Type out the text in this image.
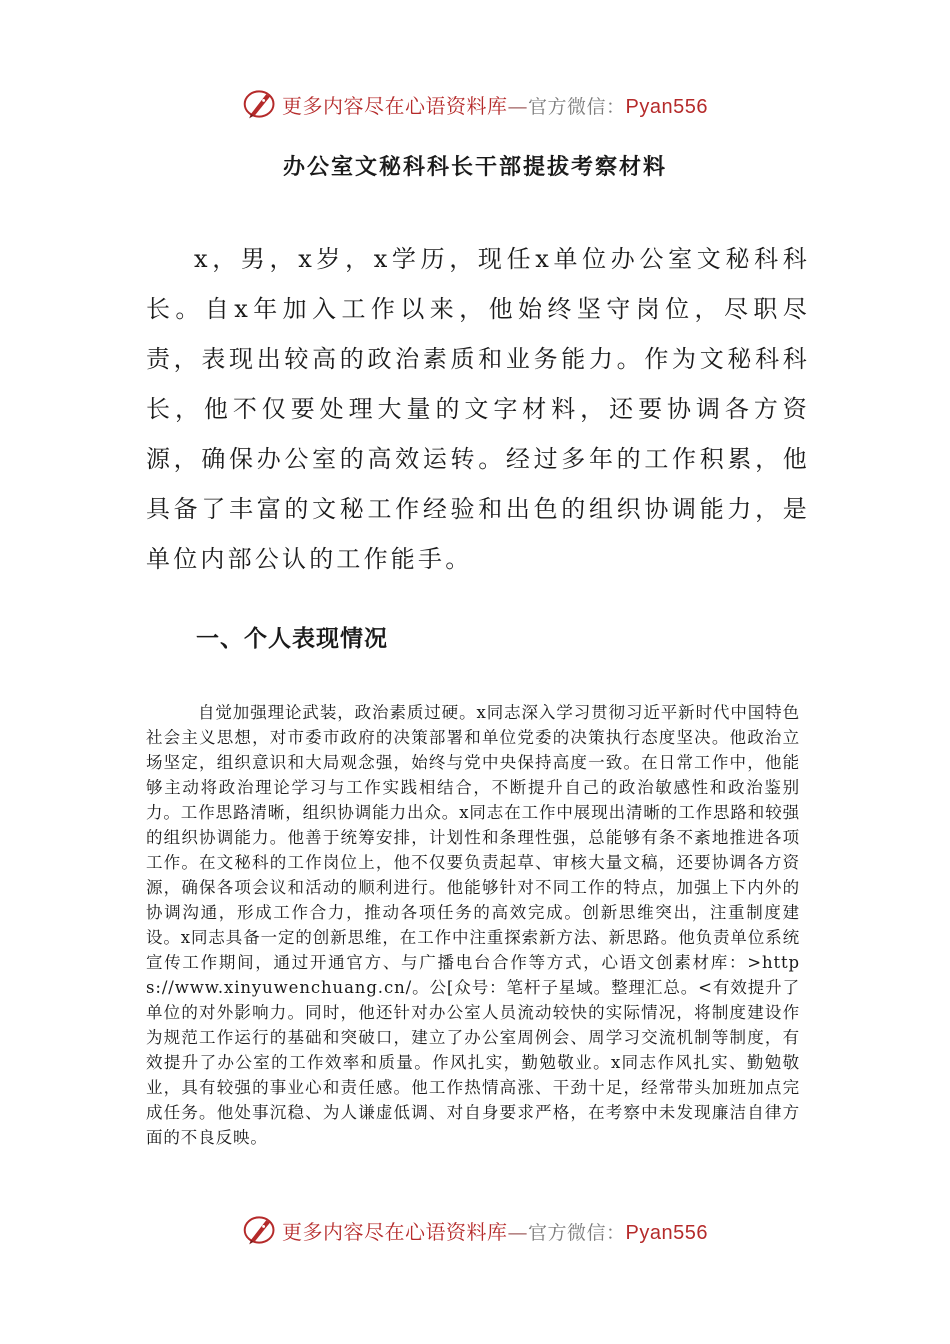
更多内容尽在心语资料库—官方微信：Pyan556
办公室文秘科科长干部提拔考察材料

x，男，x岁，x学历，现任x单位办公室文秘科科长。自x年加入工作以来，他始终坚守岗位，尽职尽责，表现出较高的政治素质和业务能力。作为文秘科科长，他不仅要处理大量的文字材料，还要协调各方资源，确保办公室的高效运转。经过多年的工作积累，他具备了丰富的文秘工作经验和出色的组织协调能力，是单位内部公认的工作能手。

一、个人表现情况

自觉加强理论武装，政治素质过硬。x同志深入学习贯彻习近平新时代中国特色社会主义思想，对市委市政府的决策部署和单位党委的决策执行态度坚决。他政治立场坚定，组织意识和大局观念强，始终与党中央保持高度一致。在日常工作中，他能够主动将政治理论学习与工作实践相结合，不断提升自己的政治敏感性和政治鉴别力。工作思路清晰，组织协调能力出众。x同志在工作中展现出清晰的工作思路和较强的组织协调能力。他善于统筹安排，计划性和条理性强，总能够有条不紊地推进各项工作。在文秘科的工作岗位上，他不仅要负责起草、审核大量文稿，还要协调各方资源，确保各项会议和活动的顺利进行。他能够针对不同工作的特点，加强上下内外的协调沟通，形成工作合力，推动各项任务的高效完成。创新思维突出，注重制度建设。x同志具备一定的创新思维，在工作中注重探索新方法、新思路。他负责单位系统宣传工作期间，通过开通官方、与广播电台合作等方式，心语文创素材库：>https://www.xinyuwenchuang.cn/。公[众号：笔杆子星域。整理汇总。<有效提升了单位的对外影响力。同时，他还针对办公室人员流动较快的实际情况，将制度建设作为规范工作运行的基础和突破口，建立了办公室周例会、周学习交流机制等制度，有效提升了办公室的工作效率和质量。作风扎实，勤勉敬业。x同志作风扎实、勤勉敬业，具有较强的事业心和责任感。他工作热情高涨、干劲十足，经常带头加班加点完成任务。他处事沉稳、为人谦虚低调、对自身要求严格，在考察中未发现廉洁自律方面的不良反映。

更多内容尽在心语资料库—官方微信：Pyan556
